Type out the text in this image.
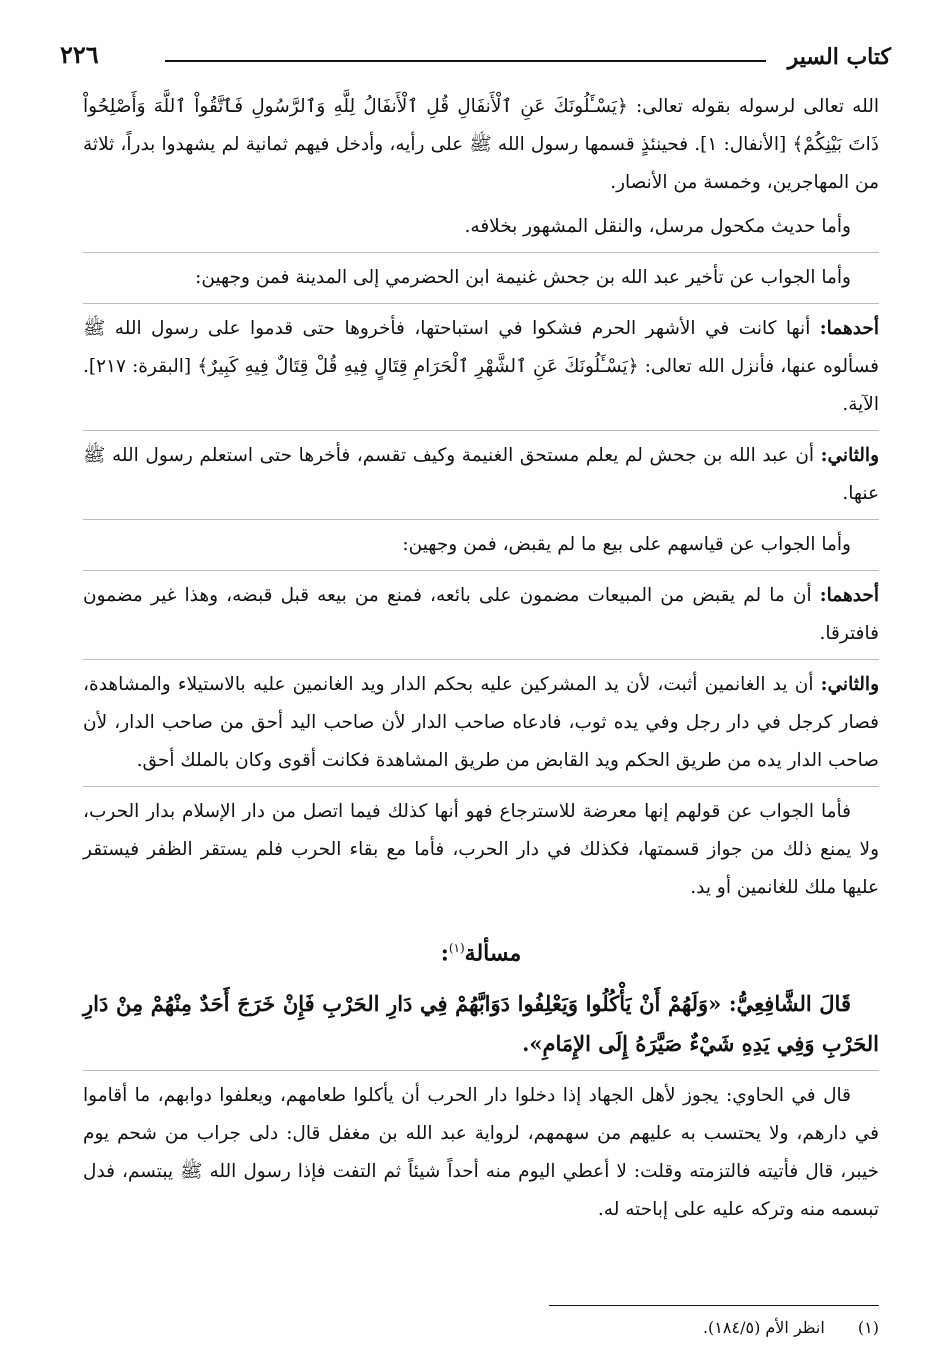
كتاب السير
٢٢٦

الله تعالى لرسوله بقوله تعالى: ﴿يَسْـَٔلُونَكَ عَنِ ٱلْأَنفَالِ قُلِ ٱلْأَنفَالُ لِلَّهِ وَٱلرَّسُولِ فَٱتَّقُواْ ٱللَّهَ وَأَصْلِحُواْ ذَاتَ بَيْنِكُمْ﴾ [الأنفال: ١]. فحينئذٍ قسمها رسول الله ﷺ على رأيه، وأدخل فيهم ثمانية لم يشهدوا بدراً، ثلاثة من المهاجرين، وخمسة من الأنصار.

وأما حديث مكحول مرسل، والنقل المشهور بخلافه.

وأما الجواب عن تأخير عبد الله بن جحش غنيمة ابن الحضرمي إلى المدينة فمن وجهين:

أحدهما: أنها كانت في الأشهر الحرم فشكوا في استباحتها، فأخروها حتى قدموا على رسول الله ﷺ فسألوه عنها، فأنزل الله تعالى: ﴿يَسْـَٔلُونَكَ عَنِ ٱلشَّهْرِ ٱلْحَرَامِ قِتَالٍ فِيهِ قُلْ قِتَالٌ فِيهِ كَبِيرٌ﴾ [البقرة: ٢١٧]. الآية.

والثاني: أن عبد الله بن جحش لم يعلم مستحق الغنيمة وكيف تقسم، فأخرها حتى استعلم رسول الله ﷺ عنها.

وأما الجواب عن قياسهم على بيع ما لم يقبض، فمن وجهين:

أحدهما: أن ما لم يقبض من المبيعات مضمون على بائعه، فمنع من بيعه قبل قبضه، وهذا غير مضمون فافترقا.

والثاني: أن يد الغانمين أثبت، لأن يد المشركين عليه بحكم الدار ويد الغانمين عليه بالاستيلاء والمشاهدة، فصار كرجل في دار رجل وفي يده ثوب، فادعاه صاحب الدار لأن صاحب اليد أحق من صاحب الدار، لأن صاحب الدار يده من طريق الحكم ويد القابض من طريق المشاهدة فكانت أقوى وكان بالملك أحق.

فأما الجواب عن قولهم إنها معرضة للاسترجاع فهو أنها كذلك فيما اتصل من دار الإسلام بدار الحرب، ولا يمنع ذلك من جواز قسمتها، فكذلك في دار الحرب، فأما مع بقاء الحرب فلم يستقر الظفر فيستقر عليها ملك للغانمين أو يد.

مسألة$^{(١)}$:

قَالَ الشَّافِعِيُّ: «وَلَهُمْ أَنْ يَأْكُلُوا وَيَعْلِفُوا دَوَابَّهُمْ فِي دَارِ الحَرْبِ فَإِنْ خَرَجَ أَحَدٌ مِنْهُمْ مِنْ دَارِ الحَرْبِ وَفِي يَدِهِ شَيْءٌ صَيَّرَهُ إِلَى الإِمَامِ».

قال في الحاوي: يجوز لأهل الجهاد إذا دخلوا دار الحرب أن يأكلوا طعامهم، ويعلفوا دوابهم، ما أقاموا في دارهم، ولا يحتسب به عليهم من سهمهم، لرواية عبد الله بن مغفل قال: دلى جراب من شحم يوم خيبر، قال فأتيته فالتزمته وقلت: لا أعطي اليوم منه أحداً شيئاً ثم التفت فإذا رسول الله ﷺ يبتسم، فدل تبسمه منه وتركه عليه على إباحته له.

(١) انظر الأم (١٨٤/٥).
